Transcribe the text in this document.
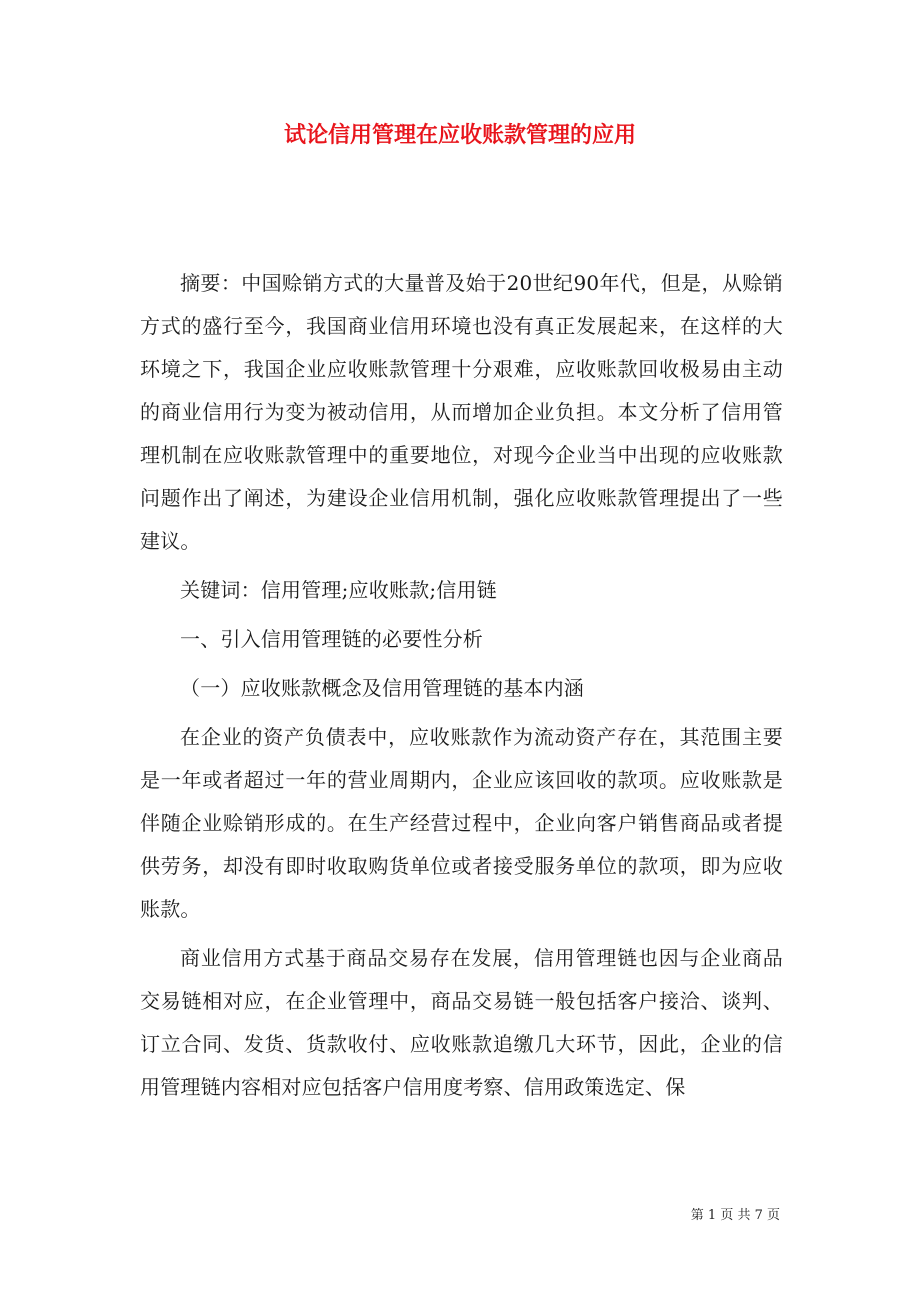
试论信用管理在应收账款管理的应用

摘要：中国赊销方式的大量普及始于20世纪90年代，但是，从赊销方式的盛行至今，我国商业信用环境也没有真正发展起来，在这样的大环境之下，我国企业应收账款管理十分艰难，应收账款回收极易由主动的商业信用行为变为被动信用，从而增加企业负担。本文分析了信用管理机制在应收账款管理中的重要地位，对现今企业当中出现的应收账款问题作出了阐述，为建设企业信用机制，强化应收账款管理提出了一些建议。

关键词：信用管理;应收账款;信用链

一、引入信用管理链的必要性分析

（一）应收账款概念及信用管理链的基本内涵

在企业的资产负债表中，应收账款作为流动资产存在，其范围主要是一年或者超过一年的营业周期内，企业应该回收的款项。应收账款是伴随企业赊销形成的。在生产经营过程中，企业向客户销售商品或者提供劳务，却没有即时收取购货单位或者接受服务单位的款项，即为应收账款。

商业信用方式基于商品交易存在发展，信用管理链也因与企业商品交易链相对应，在企业管理中，商品交易链一般包括客户接洽、谈判、订立合同、发货、货款收付、应收账款追缴几大环节，因此，企业的信用管理链内容相对应包括客户信用度考察、信用政策选定、保

第 1 页 共 7 页
